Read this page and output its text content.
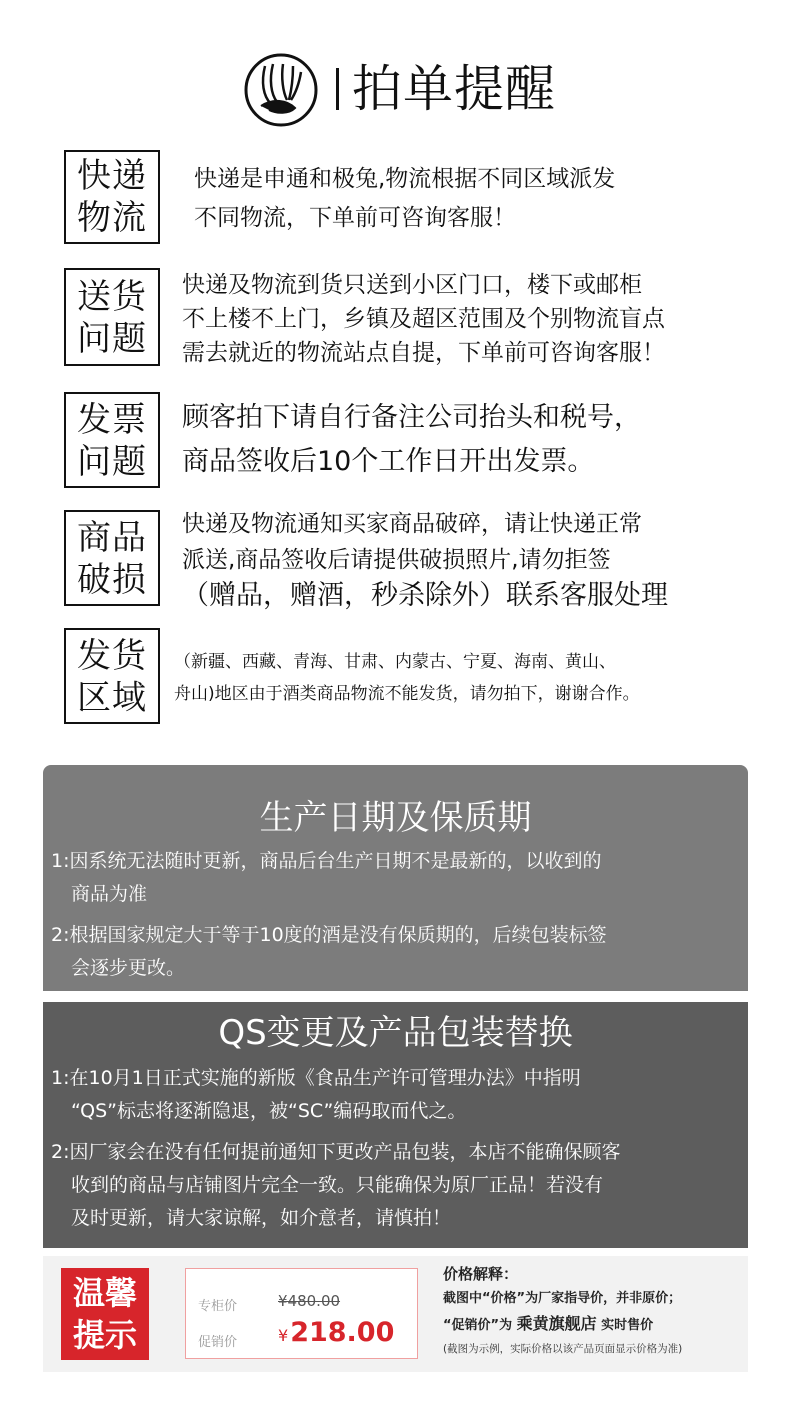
拍单提醒
快递
物流
快递是申通和极兔,物流根据不同区域派发
不同物流，下单前可咨询客服！
送货
问题
快递及物流到货只送到小区门口，楼下或邮柜
不上楼不上门，乡镇及超区范围及个别物流盲点
需去就近的物流站点自提，下单前可咨询客服！
发票
问题
顾客拍下请自行备注公司抬头和税号，
商品签收后10个工作日开出发票。
商品
破损
快递及物流通知买家商品破碎，请让快递正常
派送,商品签收后请提供破损照片,请勿拒签
（赠品，赠酒，秒杀除外）联系客服处理
发货
区域
（新疆、西藏、青海、甘肃、内蒙古、宁夏、海南、黄山、
舟山)地区由于酒类商品物流不能发货，请勿拍下，谢谢合作。
生产日期及保质期
1:因系统无法随时更新，商品后台生产日期不是最新的，以收到的
商品为准
2:根据国家规定大于等于10度的酒是没有保质期的，后续包装标签
会逐步更改。
QS变更及产品包装替换
1:在10月1日正式实施的新版《食品生产许可管理办法》中指明
“QS”标志将逐渐隐退，被“SC”编码取而代之。
2:因厂家会在没有任何提前通知下更改产品包装，本店不能确保顾客
收到的商品与店铺图片完全一致。只能确保为原厂正品！若没有
及时更新，请大家谅解，如介意者，请慎拍！
温馨
提示
专柜价	¥480.00
促销价	¥218.00
价格解释：
截图中“价格”为厂家指导价，并非原价；
“促销价”为 乘黄旗舰店 实时售价
(截图为示例，实际价格以该产品页面显示价格为准)
